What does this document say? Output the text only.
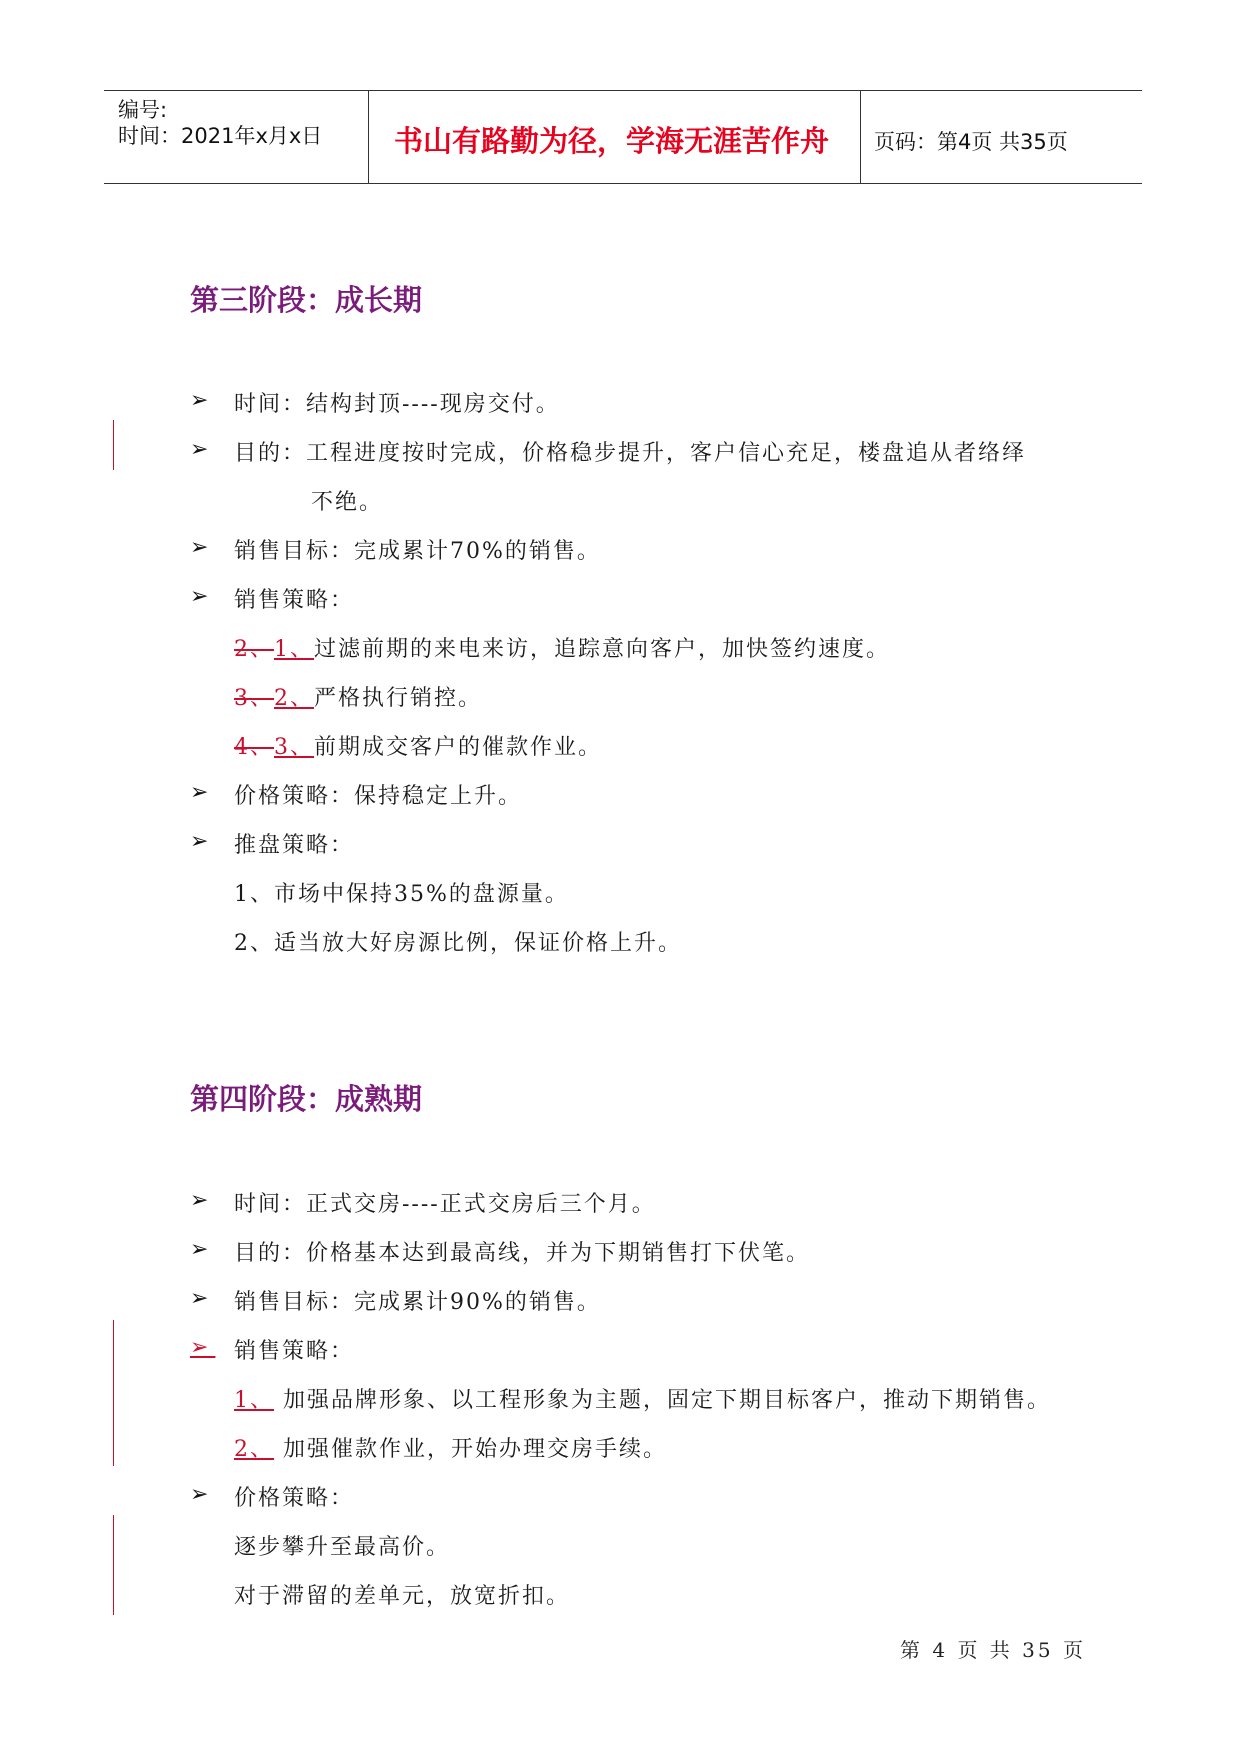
编号:
时间：2021年x月x日 书山有路勤为径，学海无涯苦作舟 页码：第4页 共35页
第三阶段：成长期
➢ 时间：结构封顶----现房交付。
➢ 目的：工程进度按时完成，价格稳步提升，客户信心充足，楼盘追从者络绎
不绝。
➢ 销售目标：完成累计70%的销售。
➢ 销售策略：
2、1、过滤前期的来电来访，追踪意向客户，加快签约速度。
3、2、严格执行销控。
4、3、前期成交客户的催款作业。
➢ 价格策略：保持稳定上升。
➢ 推盘策略：
1、市场中保持35%的盘源量。
2、适当放大好房源比例，保证价格上升。
第四阶段：成熟期
➢ 时间：正式交房----正式交房后三个月。
➢ 目的：价格基本达到最高线，并为下期销售打下伏笔。
➢ 销售目标：完成累计90%的销售。
➢ 销售策略：
1、 加强品牌形象、以工程形象为主题，固定下期目标客户，推动下期销售。
2、 加强催款作业，开始办理交房手续。
➢ 价格策略：
逐步攀升至最高价。
对于滞留的差单元，放宽折扣。
第 4 页 共 35 页
